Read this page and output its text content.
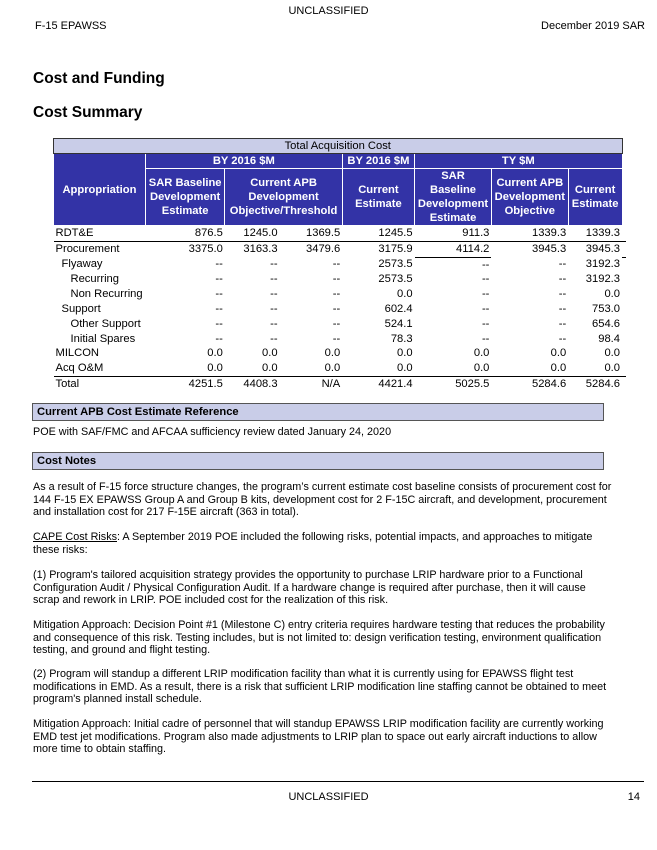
UNCLASSIFIED
F-15 EPAWSS	December 2019 SAR
Cost and Funding
Cost Summary
Total Acquisition Cost								
Appropriation	BY 2016 $M			BY 2016 $M	TY $M			
	SAR Baseline Development Estimate	Current APB Development Objective/Threshold		Current Estimate	SAR Baseline Development Estimate	Current APB Development Objective	Current Estimate	
RDT&E	876.5	1245.0	1369.5	1245.5	911.3	1339.3	1339.3	
Procurement	3375.0	3163.3	3479.6	3175.9	4114.2	3945.3	3945.3	
Flyaway	--	--	--	2573.5	--	--	3192.3	
Recurring	--	--	--	2573.5	--	--	3192.3	
Non Recurring	--	--	--	0.0	--	--	0.0	
Support	--	--	--	602.4	--	--	753.0	
Other Support	--	--	--	524.1	--	--	654.6	
Initial Spares	--	--	--	78.3	--	--	98.4	
MILCON	0.0	0.0	0.0	0.0	0.0	0.0	0.0	
Acq O&M	0.0	0.0	0.0	0.0	0.0	0.0	0.0	
Total	4251.5	4408.3	N/A	4421.4	5025.5	5284.6	5284.6	
Current APB Cost Estimate Reference

POE with SAF/FMC and AFCAA sufficiency review dated January 24, 2020

Cost Notes

As a result of F-15 force structure changes, the program’s current estimate cost baseline consists of procurement cost for 144 F-15 EX EPAWSS Group A and Group B kits, development cost for 2 F-15C aircraft, and development, procurement and installation cost for 217 F-15E aircraft (363 in total).

CAPE Cost Risks: A September 2019 POE included the following risks, potential impacts, and approaches to mitigate these risks:

(1) Program's tailored acquisition strategy provides the opportunity to purchase LRIP hardware prior to a Functional Configuration Audit / Physical Configuration Audit. If a hardware change is required after purchase, then it will cause scrap and rework in LRIP. POE included cost for the realization of this risk.

Mitigation Approach: Decision Point #1 (Milestone C) entry criteria requires hardware testing that reduces the probability and consequence of this risk. Testing includes, but is not limited to: design verification testing, environment qualification testing, and ground and flight testing.

(2) Program will standup a different LRIP modification facility than what it is currently using for EPAWSS flight test modifications in EMD. As a result, there is a risk that sufficient LRIP modification line staffing cannot be obtained to meet program's planned install schedule.

Mitigation Approach: Initial cadre of personnel that will standup EPAWSS LRIP modification facility are currently working EMD test jet modifications. Program also made adjustments to LRIP plan to space out early aircraft inductions to allow more time to obtain staffing.

UNCLASSIFIED	14
